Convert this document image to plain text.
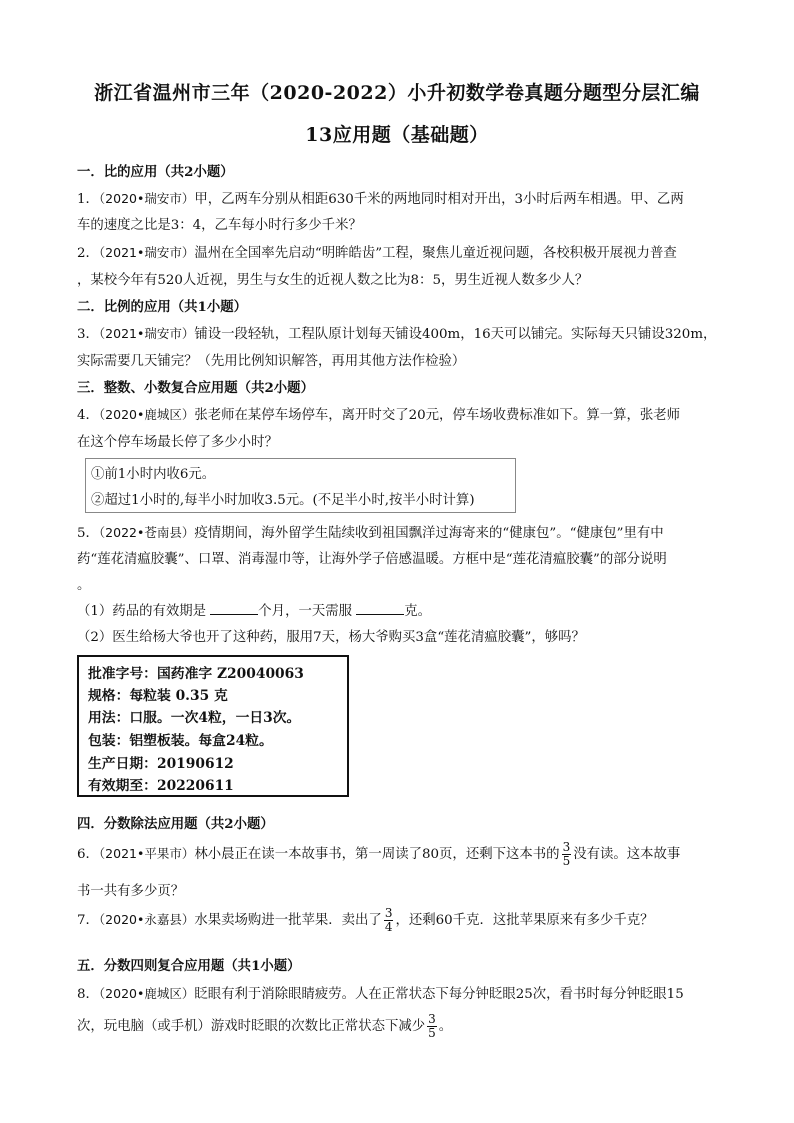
浙江省温州市三年（2020-2022）小升初数学卷真题分题型分层汇编
13应用题（基础题）
一．比的应用（共2小题）
1．（2020•瑞安市）甲，乙两车分别从相距630千米的两地同时相对开出，3小时后两车相遇。甲、乙两
车的速度之比是3：4，乙车每小时行多少千米？
2．（2021•瑞安市）温州在全国率先启动“明眸皓齿”工程，聚焦儿童近视问题，各校积极开展视力普查
，某校今年有520人近视，男生与女生的近视人数之比为8：5，男生近视人数多少人？
二．比例的应用（共1小题）
3．（2021•瑞安市）铺设一段轻轨，工程队原计划每天铺设400m，16天可以铺完。实际每天只铺设320m，
实际需要几天铺完？（先用比例知识解答，再用其他方法作检验）
三．整数、小数复合应用题（共2小题）
4．（2020•鹿城区）张老师在某停车场停车，离开时交了20元，停车场收费标准如下。算一算，张老师
在这个停车场最长停了多少小时？
①前1小时内收6元。
②超过1小时的,每半小时加收3.5元。(不足半小时,按半小时计算)
5．（2022•苍南县）疫情期间，海外留学生陆续收到祖国飘洋过海寄来的“健康包”。“健康包”里有中
药“莲花清瘟胶囊”、口罩、消毒湿巾等，让海外学子倍感温暖。方框中是“莲花清瘟胶囊”的部分说明
。
（1）药品的有效期是	个月，一天需服	克。
（2）医生给杨大爷也开了这种药，服用7天，杨大爷购买3盒“莲花清瘟胶囊”，够吗？
批准字号：国药准字 Z20040063
规格：每粒装 0.35 克
用法：口服。一次4粒，一日3次。
包装：铝塑板装。每盒24粒。
生产日期：20190612
有效期至：20220611
四．分数除法应用题（共2小题）
6．（2021•平果市）林小晨正在读一本故事书，第一周读了80页，还剩下这本书的 $\frac{3}{5}$ 没有读。这本故事
书一共有多少页？
7．（2020•永嘉县）水果卖场购进一批苹果．卖出了 $\frac{3}{4}$ ，还剩60千克．这批苹果原来有多少千克？
五．分数四则复合应用题（共1小题）
8．（2020•鹿城区）眨眼有利于消除眼睛疲劳。人在正常状态下每分钟眨眼25次，看书时每分钟眨眼15
次，玩电脑（或手机）游戏时眨眼的次数比正常状态下减少 $\frac{3}{5}$ 。
